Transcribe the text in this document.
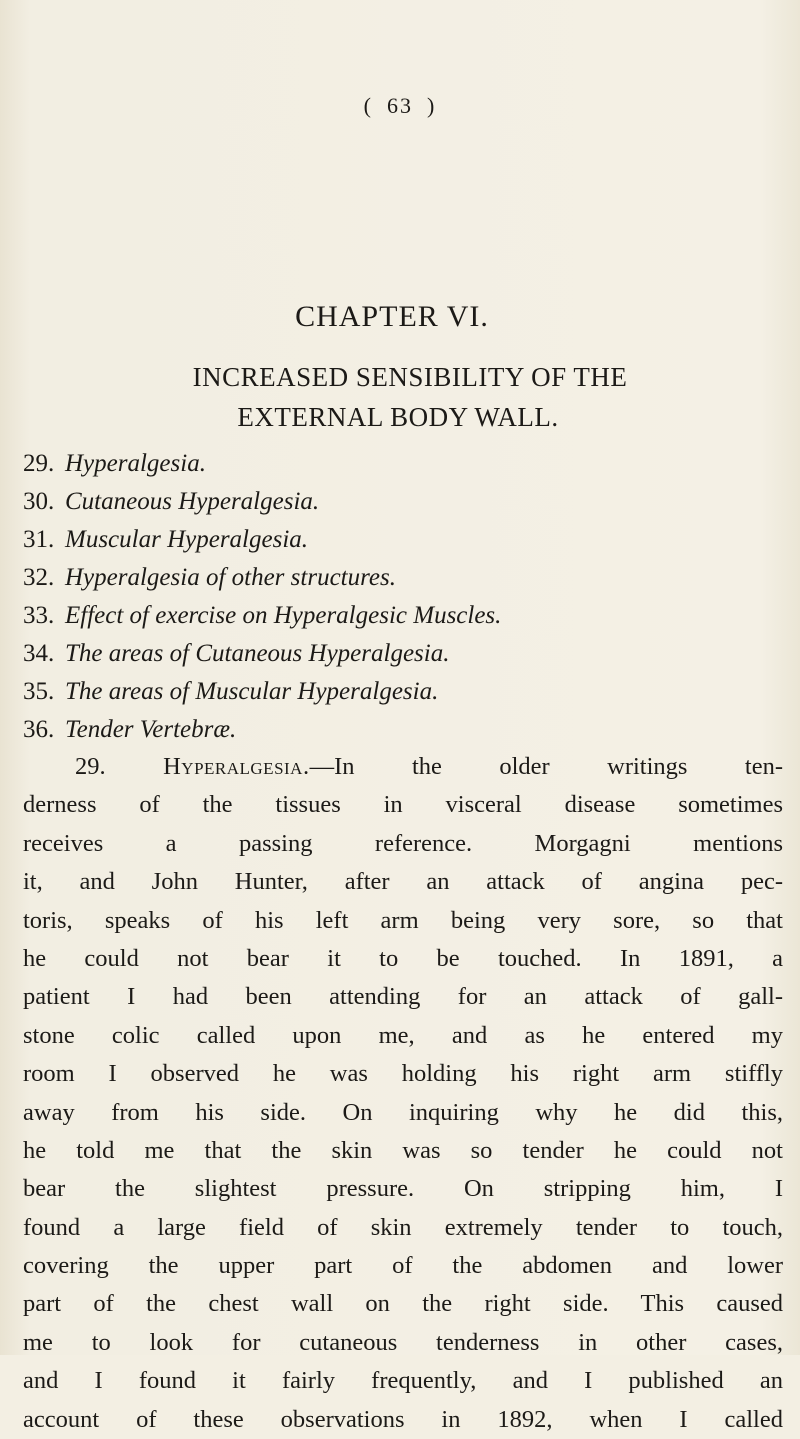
( 63 )
CHAPTER VI.
INCREASED SENSIBILITY OF THE
EXTERNAL BODY WALL.
29. Hyperalgesia.
30. Cutaneous Hyperalgesia.
31. Muscular Hyperalgesia.
32. Hyperalgesia of other structures.
33. Effect of exercise on Hyperalgesic Muscles.
34. The areas of Cutaneous Hyperalgesia.
35. The areas of Muscular Hyperalgesia.
36. Tender Vertebræ.
29. Hyperalgesia.—In the older writings ten-
derness of the tissues in visceral disease sometimes
receives a passing reference. Morgagni mentions
it, and John Hunter, after an attack of angina pec-
toris, speaks of his left arm being very sore, so that
he could not bear it to be touched. In 1891, a
patient I had been attending for an attack of gall-
stone colic called upon me, and as he entered my
room I observed he was holding his right arm stiffly
away from his side. On inquiring why he did this,
he told me that the skin was so tender he could not
bear the slightest pressure. On stripping him, I
found a large field of skin extremely tender to touch,
covering the upper part of the abdomen and lower
part of the chest wall on the right side. This caused
me to look for cutaneous tenderness in other cases,
and I found it fairly frequently, and I published an
account of these observations in 1892, when I called
